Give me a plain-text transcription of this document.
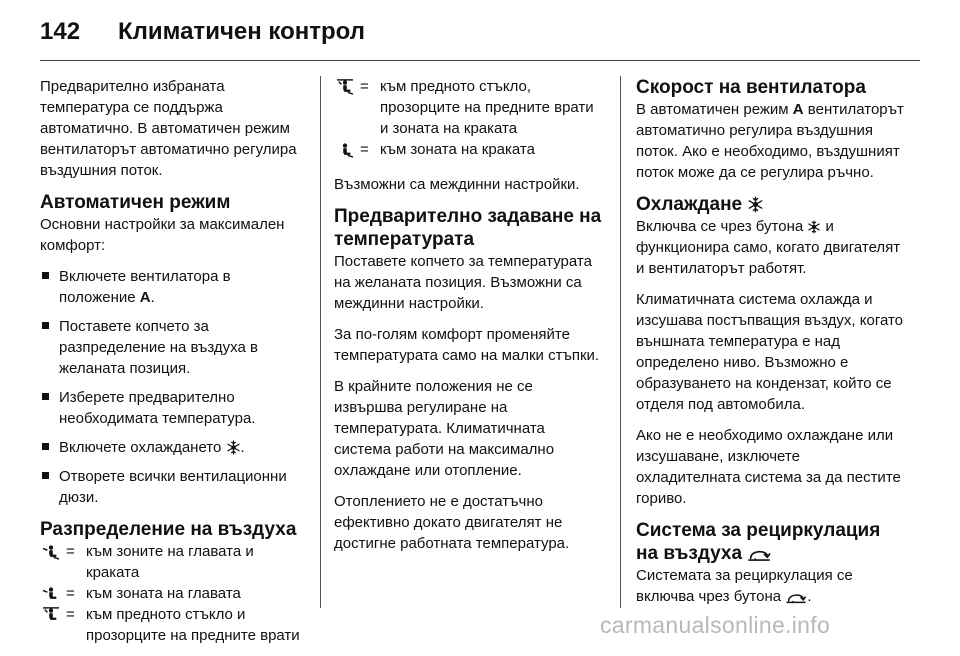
142 Климатичен контрол

Предварително избраната температура се поддържа автоматично. В автоматичен режим вентилаторът автоматично регулира въздушния поток.

Автоматичен режим

Основни настройки за максимален комфорт:

Включете вентилатора в положение A.
Поставете копчето за разпределение на въздуха в желаната позиция.
Изберете предварително необходимата температура.
Включете охлаждането .
Отворете всички вентилационни дюзи.
Разпределение на въздуха
= към зоните на главата и краката
= към зоната на главата
= към предното стъкло и прозорците на предните врати
= към предното стъкло, прозорците на предните врати и зоната на краката
= към зоната на краката

Възможни са междинни настройки.

Предварително задаване на температурата

Поставете копчето за температурата на желаната позиция. Възможни са междинни настройки.

За по-голям комфорт променяйте температурата само на малки стъпки.

В крайните положения не се извършва регулиране на температурата. Климатичната система работи на максимално охлаждане или отопление.

Отоплението не е достатъчно ефективно докато двигателят не достигне работната температура.

Скорост на вентилатора

В автоматичен режим A вентилаторът автоматично регулира въздушния поток. Ако е необходимо, въздушният поток може да се регулира ръчно.

Охлаждане

Включва се чрез бутона  и функционира само, когато двигателят и вентилаторът работят.

Климатичната система охлажда и изсушава постъпващия въздух, когато външната температура е над определено ниво. Възможно е образуването на кондензат, който се отделя под автомобила.

Ако не е необходимо охлаждане или изсушаване, изключете охладителната система за да пестите гориво.

Система за рециркулация на въздуха

Системата за рециркулация се включва чрез бутона .

carmanualsonline.info
